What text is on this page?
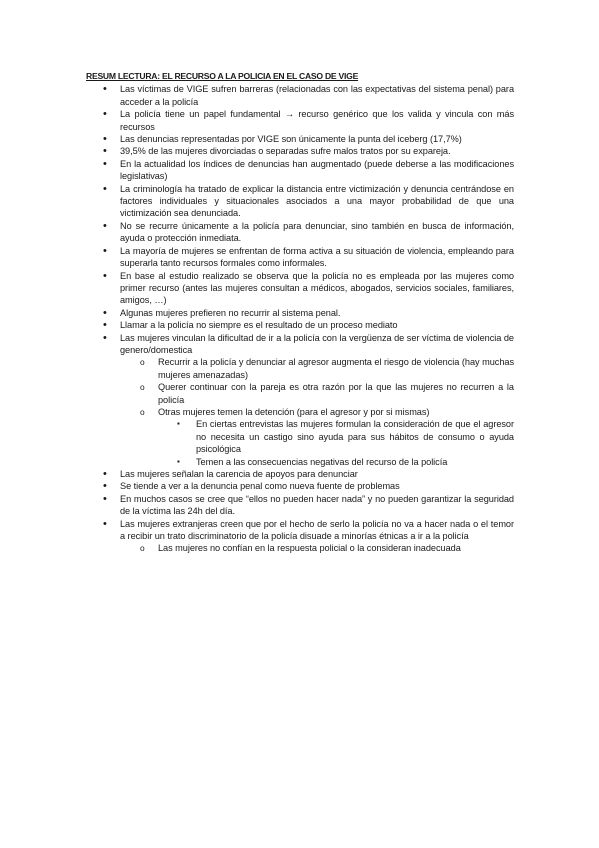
RESUM LECTURA: EL RECURSO A LA POLICIA EN EL CASO DE VIGE
• Las víctimas de VIGE sufren barreras (relacionadas con las expectativas del sistema penal) para acceder a la policía
• La policía tiene un papel fundamental → recurso genérico que los valida y vincula con más recursos
• Las denuncias representadas por VIGE son únicamente la punta del iceberg (17,7%)
• 39,5% de las mujeres divorciadas o separadas sufre malos tratos por su expareja.
• En la actualidad los índices de denuncias han augmentado (puede deberse a las modificaciones legislativas)
• La criminología ha tratado de explicar la distancia entre victimización y denuncia centrándose en factores individuales y situacionales asociados a una mayor probabilidad de que una victimización sea denunciada.
• No se recurre únicamente a la policía para denunciar, sino también en busca de información, ayuda o protección inmediata.
• La mayoría de mujeres se enfrentan de forma activa a su situación de violencia, empleando para superarla tanto recursos formales como informales.
• En base al estudio realizado se observa que la policía no es empleada por las mujeres como primer recurso (antes las mujeres consultan a médicos, abogados, servicios sociales, familiares, amigos, …)
• Algunas mujeres prefieren no recurrir al sistema penal.
• Llamar a la policía no siempre es el resultado de un proceso mediato
• Las mujeres vinculan la dificultad de ir a la policía con la vergüenza de ser víctima de violencia de genero/domestica
o Recurrir a la policía y denunciar al agresor augmenta el riesgo de violencia (hay muchas mujeres amenazadas)
o Querer continuar con la pareja es otra razón por la que las mujeres no recurren a la policía
o Otras mujeres temen la detención (para el agresor y por si mismas)
▪ En ciertas entrevistas las mujeres formulan la consideración de que el agresor no necesita un castigo sino ayuda para sus hábitos de consumo o ayuda psicológica
▪ Temen a las consecuencias negativas del recurso de la policía
• Las mujeres señalan la carencia de apoyos para denunciar
• Se tiende a ver a la denuncia penal como nueva fuente de problemas
• En muchos casos se cree que “ellos no pueden hacer nada” y no pueden garantizar la seguridad de la víctima las 24h del día.
• Las mujeres extranjeras creen que por el hecho de serlo la policía no va a hacer nada o el temor a recibir un trato discriminatorio de la policía disuade a minorías étnicas a ir a la policía
o Las mujeres no confían en la respuesta policial o la consideran inadecuada
